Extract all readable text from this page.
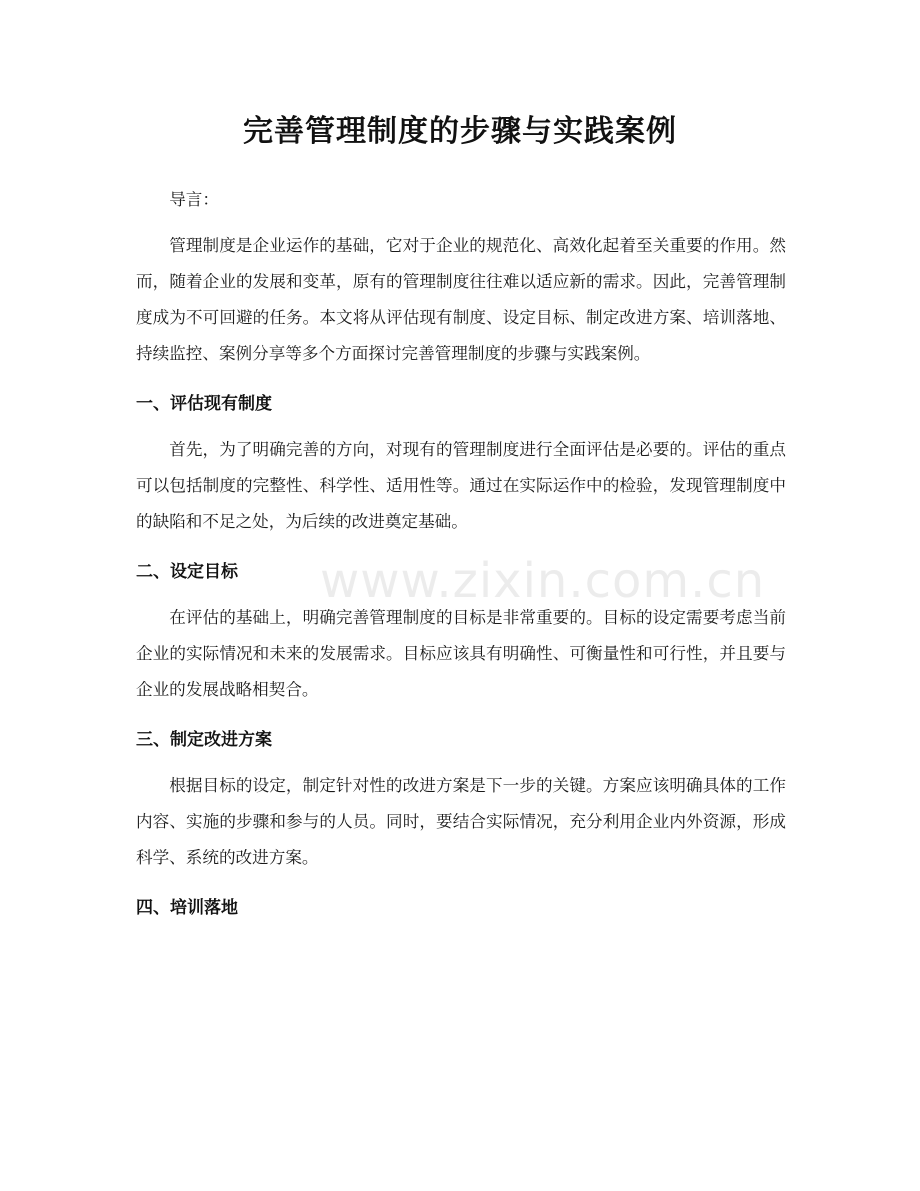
完善管理制度的步骤与实践案例

导言：

管理制度是企业运作的基础，它对于企业的规范化、高效化起着至关重要的作用。然而，随着企业的发展和变革，原有的管理制度往往难以适应新的需求。因此，完善管理制度成为不可回避的任务。本文将从评估现有制度、设定目标、制定改进方案、培训落地、持续监控、案例分享等多个方面探讨完善管理制度的步骤与实践案例。

一、评估现有制度

首先，为了明确完善的方向，对现有的管理制度进行全面评估是必要的。评估的重点可以包括制度的完整性、科学性、适用性等。通过在实际运作中的检验，发现管理制度中的缺陷和不足之处，为后续的改进奠定基础。

二、设定目标

在评估的基础上，明确完善管理制度的目标是非常重要的。目标的设定需要考虑当前企业的实际情况和未来的发展需求。目标应该具有明确性、可衡量性和可行性，并且要与企业的发展战略相契合。

三、制定改进方案

根据目标的设定，制定针对性的改进方案是下一步的关键。方案应该明确具体的工作内容、实施的步骤和参与的人员。同时，要结合实际情况，充分利用企业内外资源，形成科学、系统的改进方案。

四、培训落地

www.zixin.com.cn
